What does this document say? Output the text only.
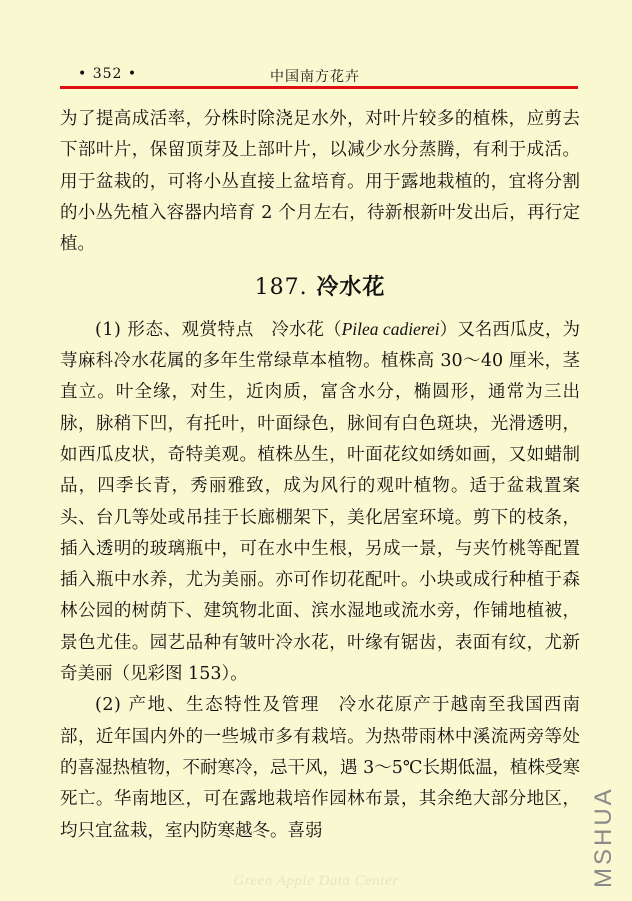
• 352 •	中国南方花卉

为了提高成活率，分株时除浇足水外，对叶片较多的植株，应剪去下部叶片，保留顶芽及上部叶片，以减少水分蒸腾，有利于成活。用于盆栽的，可将小丛直接上盆培育。用于露地栽植的，宜将分割的小丛先植入容器内培育 2 个月左右，待新根新叶发出后，再行定植。

187. 冷水花

(1) 形态、观赏特点　 冷水花（Pilea cadierei）又名西瓜皮，为荨麻科冷水花属的多年生常绿草本植物。植株高 30～40 厘米，茎直立。叶全缘，对生，近肉质，富含水分，椭圆形，通常为三出脉，脉稍下凹，有托叶，叶面绿色，脉间有白色斑块，光滑透明，如西瓜皮状，奇特美观。植株丛生，叶面花纹如绣如画，又如蜡制品，四季长青，秀丽雅致，成为风行的观叶植物。适于盆栽置案头、台几等处或吊挂于长廊棚架下，美化居室环境。剪下的枝条，插入透明的玻璃瓶中，可在水中生根，另成一景，与夹竹桃等配置插入瓶中水养，尤为美丽。亦可作切花配叶。小块或成行种植于森林公园的树荫下、建筑物北面、滨水湿地或流水旁，作铺地植被，景色尤佳。园艺品种有皱叶冷水花，叶缘有锯齿，表面有纹，尤新奇美丽（见彩图 153）。

(2) 产地、生态特性及管理　 冷水花原产于越南至我国西南部，近年国内外的一些城市多有栽培。为热带雨林中溪流两旁等处的喜湿热植物，不耐寒冷，忌干风，遇 3～5℃长期低温，植株受寒死亡。华南地区，可在露地栽培作园林布景，其余绝大部分地区，均只宜盆栽，室内防寒越冬。喜弱

Green Apple Data Center	MSHUA
